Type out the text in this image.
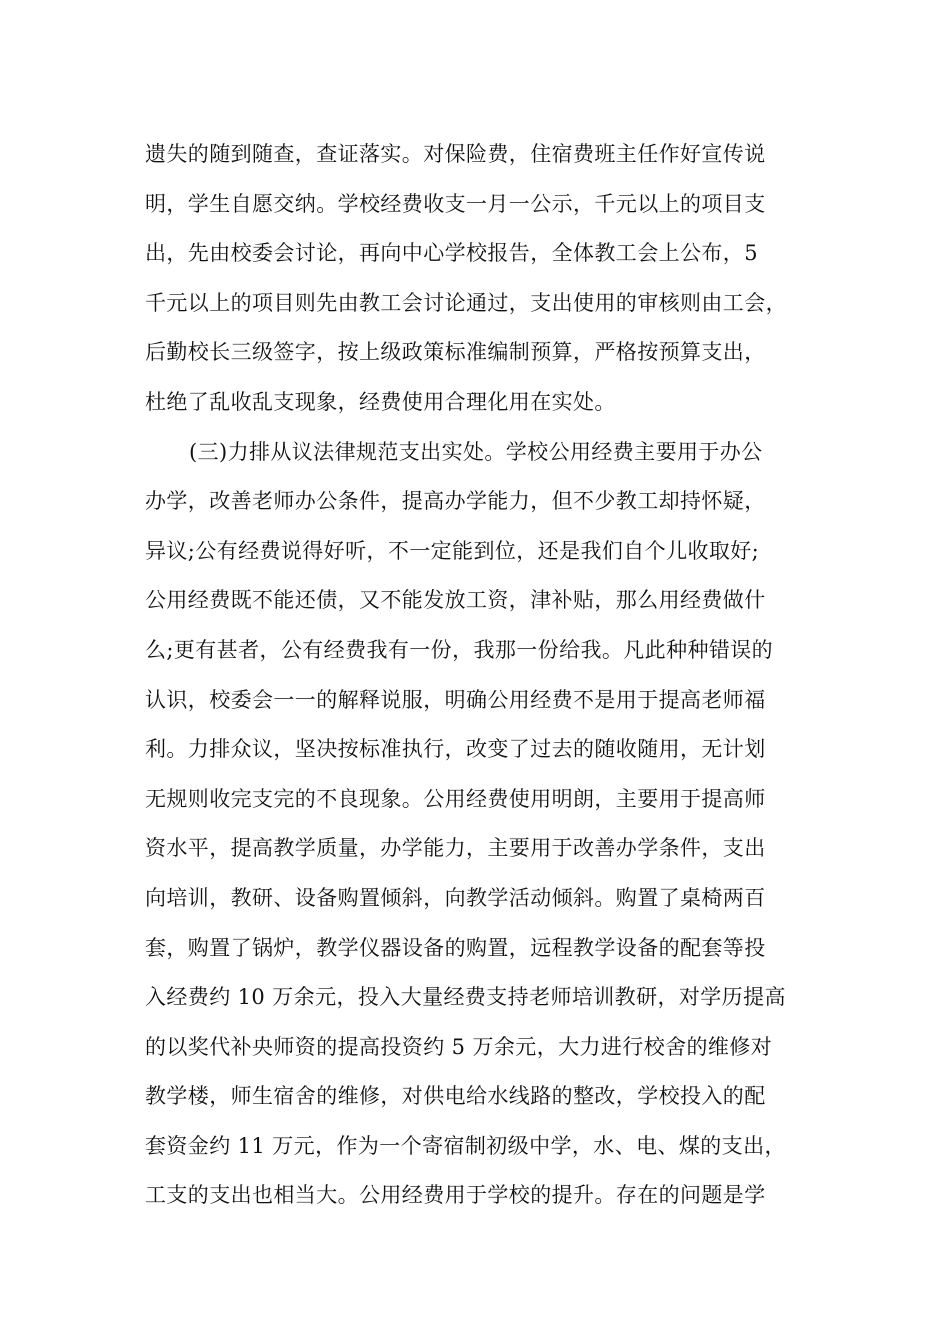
遗失的随到随查，查证落实。对保险费，住宿费班主任作好宣传说
明，学生自愿交纳。学校经费收支一月一公示，千元以上的项目支
出，先由校委会讨论，再向中心学校报告，全体教工会上公布，5
千元以上的项目则先由教工会讨论通过，支出使用的审核则由工会，
后勤校长三级签字，按上级政策标准编制预算，严格按预算支出，
杜绝了乱收乱支现象，经费使用合理化用在实处。
(三)力排从议法律规范支出实处。学校公用经费主要用于办公
办学，改善老师办公条件，提高办学能力，但不少教工却持怀疑，
异议;公有经费说得好听，不一定能到位，还是我们自个儿收取好;
公用经费既不能还债，又不能发放工资，津补贴，那么用经费做什
么;更有甚者，公有经费我有一份，我那一份给我。凡此种种错误的
认识，校委会一一的解释说服，明确公用经费不是用于提高老师福
利。力排众议，坚决按标准执行，改变了过去的随收随用，无计划
无规则收完支完的不良现象。公用经费使用明朗，主要用于提高师
资水平，提高教学质量，办学能力，主要用于改善办学条件，支出
向培训，教研、设备购置倾斜，向教学活动倾斜。购置了桌椅两百
套，购置了锅炉，教学仪器设备的购置，远程教学设备的配套等投
入经费约 10 万余元，投入大量经费支持老师培训教研，对学历提高
的以奖代补央师资的提高投资约 5 万余元，大力进行校舍的维修对
教学楼，师生宿舍的维修，对供电给水线路的整改，学校投入的配
套资金约 11 万元，作为一个寄宿制初级中学，水、电、煤的支出，
工支的支出也相当大。公用经费用于学校的提升。存在的问题是学
